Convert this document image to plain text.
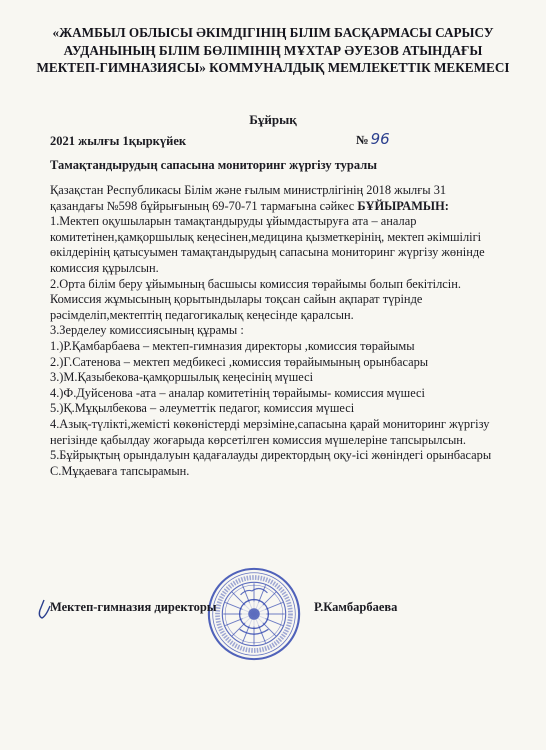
«ЖАМБЫЛ ОБЛЫСЫ ӘКІМДІГІНІҢ БІЛІМ БАСҚАРМАСЫ САРЫСУ
АУДАНЫНЫҢ БІЛІМ БӨЛІМІНІҢ МҰХТАР ӘУЕЗОВ АТЫНДАҒЫ
МЕКТЕП-ГИМНАЗИЯСЫ» КОММУНАЛДЫҚ МЕМЛЕКЕТТІК МЕКЕМЕСІ
Бұйрық
2021 жылғы 1қыркүйек	№ 96
Тамақтандырудың сапасына мониторинг жүргізу туралы
Қазақстан Республикасы Білім және ғылым министрлігінің 2018 жылғы 31
қазандағы №598 бұйрығының 69-70-71 тармағына сәйкес БҰЙЫРАМЫН:
1.Мектеп оқушыларын тамақтандыруды ұйымдастыруға ата – аналар
комитетінен,қамқоршылық кеңесінен,медицина қызметкерінің, мектеп әкімшілігі
өкілдерінің қатысуымен тамақтандырудың сапасына мониторинг жүргізу жөнінде
комиссия құрылсын.
2.Орта білім беру ұйымының басшысы комиссия төрайымы болып бекітілсін.
Комиссия жұмысының қорытындылары тоқсан сайын ақпарат түрінде
рәсімделіп,мектептің педагогикалық кеңесінде қаралсын.
3.Зерделеу комиссиясының құрамы :
1.)Р.Қамбарбаева – мектеп-гимназия директоры ,комиссия төрайымы
2.)Г.Сатенова – мектеп медбикесі ,комиссия төрайымының орынбасары
3.)М.Қазыбекова-қамқоршылық кеңесінің мүшесі
4.)Ф.Дуйсенова -ата – аналар комитетінің төрайымы- комиссия мүшесі
5.)Қ.Мұқылбекова – әлеуметтік педагог, комиссия мүшесі
4.Азық-түлікті,жемісті көкөністерді мерзіміне,сапасына қарай мониторинг жүргізу
негізінде қабылдау жоғарыда көрсетілген комиссия мүшелеріне тапсырылсын.
5.Бұйрықтың орындалуын қадағалауды директордың оқу-ісі жөніндегі орынбасары
С.Мұқаеваға тапсырамын.
Мектеп-гимназия директоры	Р.Камбарбаева
